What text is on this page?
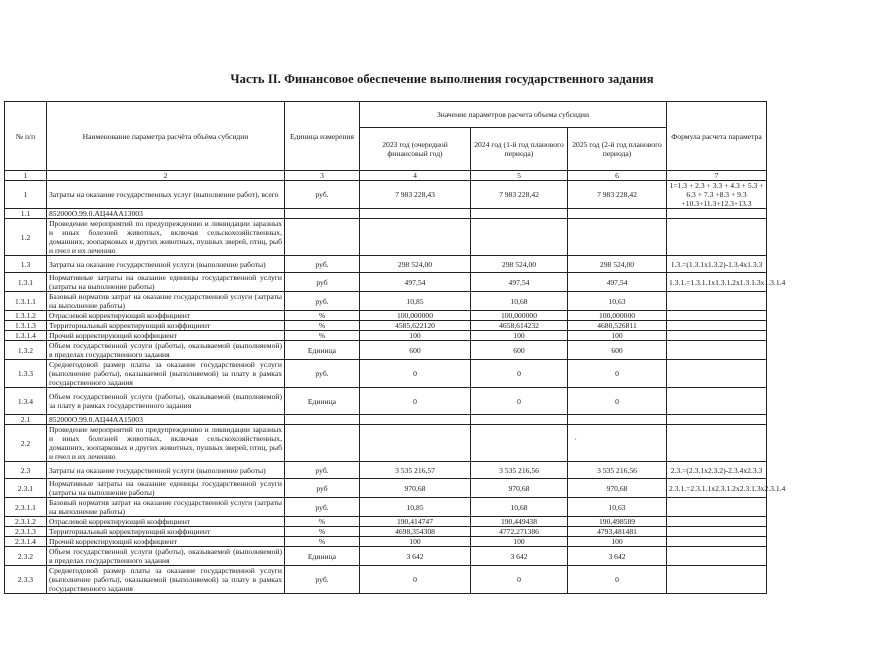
Часть II. Финансовое обеспечение выполнения государственного задания
№ п/п	Наименование параметра расчёта объёма субсидии	Единица измерения	Значение параметров расчета объема субсидии			Формула расчета параметра
			2023 год (очередной финансовый год)	2024 год (1-й год планового периода)	2025 год (2-й год планового периода)	
1	2	3	4	5	6	7
1	Затраты на оказание государственных услуг (выполнение работ), всего	руб.	7 983 228,43	7 983 228,42	7 983 228,42	1=1.3 + 2.3 + 3.3 + 4.3 + 5.3 + 6.3 + 7.3 +8.3 + 9.3 +10.3+11.3+12.3+13.3
1.1	852000О.99.0.АЦ44АА13003					
1.2	Проведение мероприятий по предупреждению и ликвидации заразных и иных болезней животных, включая сельскохозяйственных, домашних, зоопарковых и других животных, пушных зверей, птиц, рыб и пчел и их лечению					
1.3	Затраты на оказание государственной услуги (выполнение работы)	руб.	298 524,00	298 524,00	298 524,00	1.3.=(1.3.1х1.3.2)-1.3.4х1.3.3
1.3.1	Нормативные затраты на оказание единицы государственной услуги (затраты на выполнение работы)	руб	497,54	497,54	497,54	1.3.1.=1.3.1.1х1.3.1.2х1.3.1.3х1.3.1.4
1.3.1.1	Базовый норматив затрат на оказание государственной услуги (затраты на выполнение работы)	руб.	10,85	10,68	10,63	
1.3.1.2	Отраслевой корректирующий коэффициент	%	100,000000	100,000000	100,000000	
1.3.1.3	Территориальный корректирующий коэффициент	%	4585,622120	4658,614232	4680,526811	
1.3.1.4	Прочий корректирующий коэффициент	%	100	100	100	
1.3.2	Объем государственной услуги (работы), оказываемой (выполняемой) в пределах государственного задания	Единица	600	600	600	
1.3.3	Среднегодовой размер платы за оказание государственной услуги (выполнение работы), оказываемой (выполняемой) за плату в рамках государственного задания	руб.	0	0	0	
1.3.4	Объем государственной услуги (работы), оказываемой (выполняемой) за плату в рамках государственного задания	Единица	0	0	0	
2.1	852000О.99.0.АЦ44АА15003					
2.2	Проведение мероприятий по предупреждению и ликвидации заразных и иных болезней животных, включая сельскохозяйственных, домашних, зоопарковых и других животных, пушных зверей, птиц, рыб и пчел и их лечению					
2.3	Затраты на оказание государственной услуги (выполнение работы)	руб.	3 535 216,57	3 535 216,56	3 535 216,56	2.3.=(2.3.1х2.3.2)-2.3.4х2.3.3
2.3.1	Нормативные затраты на оказание единицы государственной услуги (затраты на выполнение работы)	руб	970,68	970,68	970,68	2.3.1.=2.3.1.1х2.3.1.2х2.3.1.3х2.3.1.4
2.3.1.1	Базовый норматив затрат на оказание государственной услуги (затраты на выполнение работы)	руб.	10,85	10,68	10,63	
2.3.1.2	Отраслевой корректирующий коэффициент	%	190,414747	190,449438	190,498589	
2.3.1.3	Территориальный корректирующий коэффициент	%	4698,354308	4772,271386	4793,481481	
2.3.1.4	Прочий корректирующий коэффициент	%	100	100	100	
2.3.2	Объем государственной услуги (работы), оказываемой (выполняемой) в пределах государственного задания	Единица	3 642	3 642	3 642	
2.3.3	Среднегодовой размер платы за оказание государственной услуги (выполнение работы), оказываемой (выполняемой) за плату в рамках государственного задания	руб.	0	0	0	
ˏ
